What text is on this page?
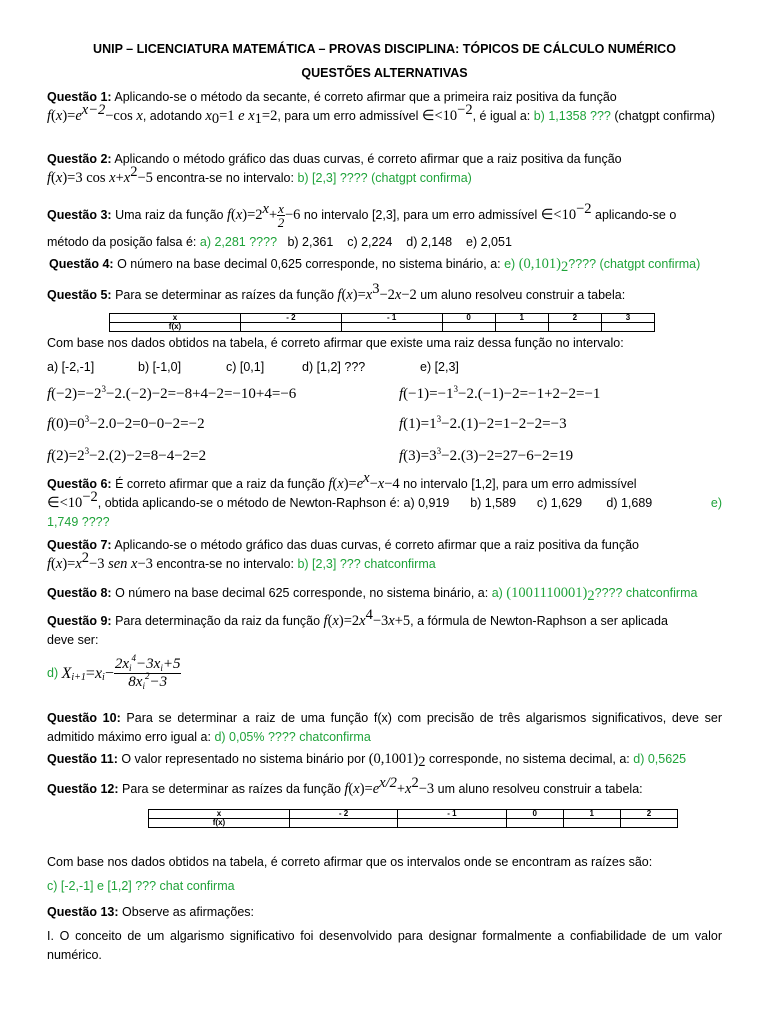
UNIP – LICENCIATURA MATEMÁTICA – PROVAS DISCIPLINA: TÓPICOS DE CÁLCULO NUMÉRICO
QUESTÕES ALTERNATIVAS
Questão 1: Aplicando-se o método da secante, é correto afirmar que a primeira raiz positiva da função
$f(x)=e^{x-2}-\cos$ x, adotando $x_0=1$ e $x_1=2$, para um erro admissível $\in<10^{-2}$, é igual a: b) 1,1358 ??? (chatgpt confirma)
Questão 2: Aplicando o método gráfico das duas curvas, é correto afirmar que a raiz positiva da função
f(x)=3 $\cos x+x^2-5$ encontra-se no intervalo: b) [2,3] ???? (chatgpt confirma)
Questão 3: Uma raiz da função $f(x)=2^x+ \frac{x}{2} -6$ no intervalo [2,3], para um erro admissível $\in<10^{-2}$ aplicando-se o
método da posição falsa é: a) 2,281 ????   b) 2,361    c) 2,224    d) 2,148    e) 2,051
Questão 4: O número na base decimal 0,625 corresponde, no sistema binário, a: e) $(0,101)_2$???? (chatgpt confirma)
Questão 5: Para se determinar as raízes da função $f(x)=x^3-2x-2$ um aluno resolveu construir a tabela:
x	- 2	- 1	0	1	2	3
f(x)						
Com base nos dados obtidos na tabela, é correto afirmar que existe uma raiz dessa função no intervalo:
a) [-2,-1]	b) [-1,0]	c) [0,1]	d) [1,2] ???	e) [2,3]
$f(-2)=-2^3-2.(-2)-2=-8+4-2=-10+4=-6$	$f(-1)=-1^3-2.(-1)-2=-1+2-2=-1$
$f(0)=0^3-2.0-2=0-0-2=-2$	$f(1)=1^3-2.(1)-2=1-2-2=-3$
$f(2)=2^3-2.(2)-2=8-4-2=2$	$f(3)=3^3-2.(3)-2=27-6-2=19$
Questão 6: É correto afirmar que a raiz da função $f(x)=e^x-x-4$ no intervalo [1,2], para um erro admissível
$\in<10^{-2}$, obtida aplicando-se o método de Newton-Raphson é: a) 0,919      b) 1,589      c) 1,629       d) 1,689	e)
1,749 ????
Questão 7: Aplicando-se o método gráfico das duas curvas, é correto afirmar que a raiz positiva da função
$f(x)=x^2-3$ sen x−3 encontra-se no intervalo: b) [2,3] ??? chatconfirma
Questão 8: O número na base decimal 625 corresponde, no sistema binário, a: a) $(1001110001)_2$???? chatconfirma
Questão 9: Para determinação da raiz da função $f(x)=2x^4-3x+5$, a fórmula de Newton-Raphson a ser aplicada
deve ser:
d) $X_{i+1}=x_i- \frac{2x_i^4-3x_i+5}{8x_i^2-3}$
Questão 10: Para se determinar a raiz de uma função f(x) com precisão de três algarismos significativos, deve ser admitido máximo erro igual a: d) 0,05% ???? chatconfirma
Questão 11: O valor representado no sistema binário por $(0,1001)_2$ corresponde, no sistema decimal, a: d) 0,5625
Questão 12: Para se determinar as raízes da função $f(x)=e^{x/2}+x^2-3$ um aluno resolveu construir a tabela:
x	- 2	- 1	0	1	2
f(x)					
Com base nos dados obtidos na tabela, é correto afirmar que os intervalos onde se encontram as raízes são:
c) [-2,-1] e [1,2] ??? chat confirma
Questão 13: Observe as afirmações:
I. O conceito de um algarismo significativo foi desenvolvido para designar formalmente a confiabilidade de um valor numérico.
